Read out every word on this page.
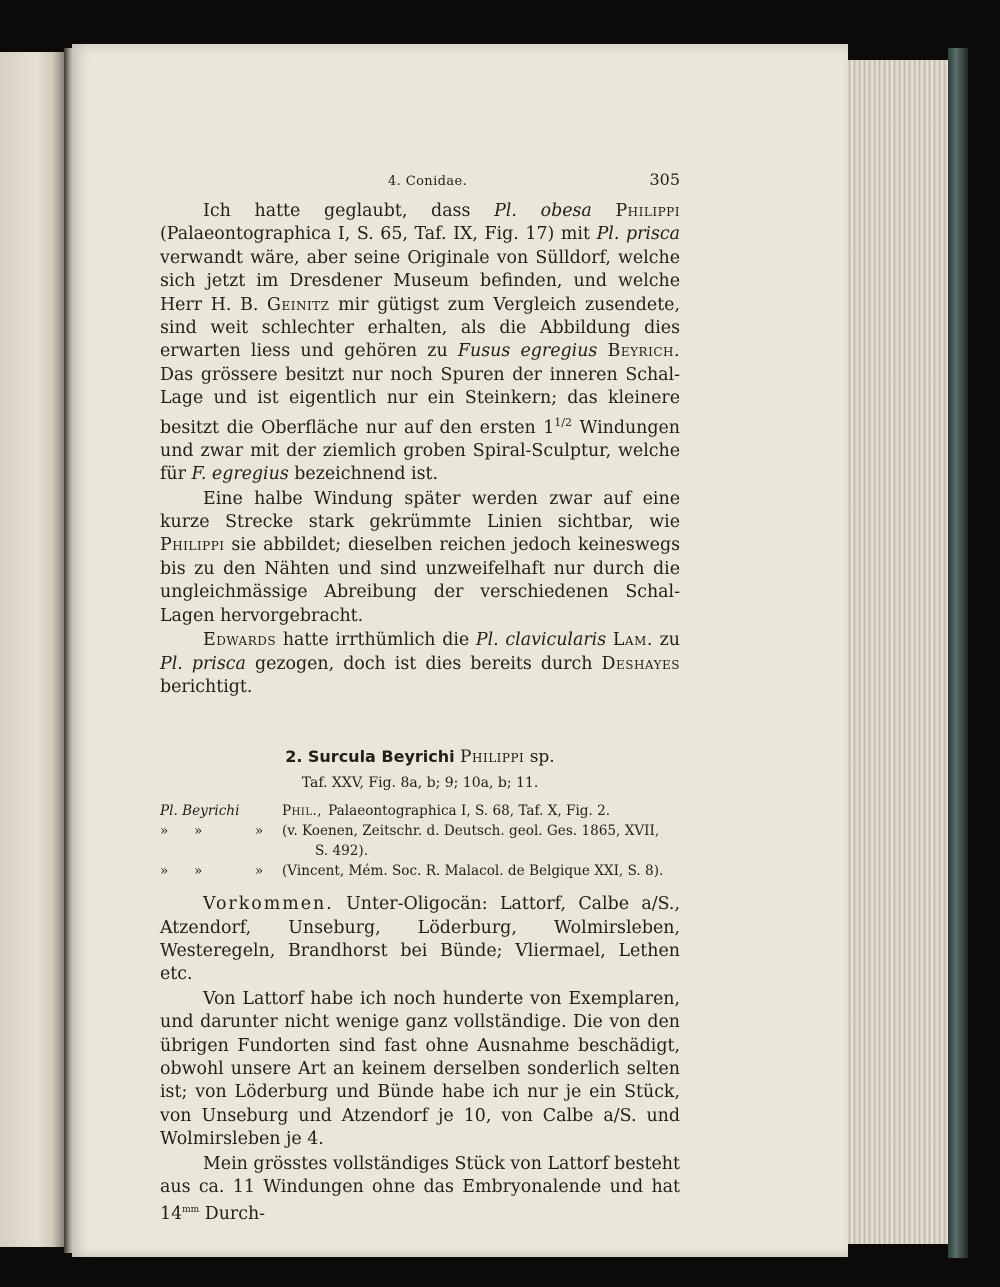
4. Conidae.	305

Ich hatte geglaubt, dass Pl. obesa Philippi (Palaeontographica I, S. 65, Taf. IX, Fig. 17) mit Pl. prisca verwandt wäre, aber seine Originale von Sülldorf, welche sich jetzt im Dresdener Museum befinden, und welche Herr H. B. Geinitz mir gütigst zum Vergleich zusendete, sind weit schlechter erhalten, als die Abbildung dies erwarten liess und gehören zu Fusus egregius Beyrich. Das grössere besitzt nur noch Spuren der inneren Schal-Lage und ist eigentlich nur ein Steinkern; das kleinere besitzt die Oberfläche nur auf den ersten $1^{1/2}$ Windungen und zwar mit der ziemlich groben Spiral-Sculptur, welche für F. egregius bezeichnend ist.

Eine halbe Windung später werden zwar auf eine kurze Strecke stark gekrümmte Linien sichtbar, wie Philippi sie abbildet; dieselben reichen jedoch keineswegs bis zu den Nähten und sind unzweifelhaft nur durch die ungleichmässige Abreibung der verschiedenen Schal-Lagen hervorgebracht.

Edwards hatte irrthümlich die Pl. clavicularis Lam. zu Pl. prisca gezogen, doch ist dies bereits durch Deshayes berichtigt.

2. Surcula Beyrichi Philippi sp.
Taf. XXV, Fig. 8a, b; 9; 10a, b; 11.
Pl. Beyrichi	Phil., Palaeontographica I, S. 68, Taf. X, Fig. 2.
»	»	»	(v. Koenen, Zeitschr. d. Deutsch. geol. Ges. 1865, XVII,
S. 492).
»	»	»	(Vincent, Mém. Soc. R. Malacol. de Belgique XXI, S. 8).

Vorkommen. Unter-Oligocän: Lattorf, Calbe a/S., Atzendorf, Unseburg, Löderburg, Wolmirsleben, Westeregeln, Brandhorst bei Bünde; Vliermael, Lethen etc.

Von Lattorf habe ich noch hunderte von Exemplaren, und darunter nicht wenige ganz vollständige. Die von den übrigen Fundorten sind fast ohne Ausnahme beschädigt, obwohl unsere Art an keinem derselben sonderlich selten ist; von Löderburg und Bünde habe ich nur je ein Stück, von Unseburg und Atzendorf je 10, von Calbe a/S. und Wolmirsleben je 4.

Mein grösstes vollständiges Stück von Lattorf besteht aus ca. 11 Windungen ohne das Embryonalende und hat $14^{mm}$ Durch-
